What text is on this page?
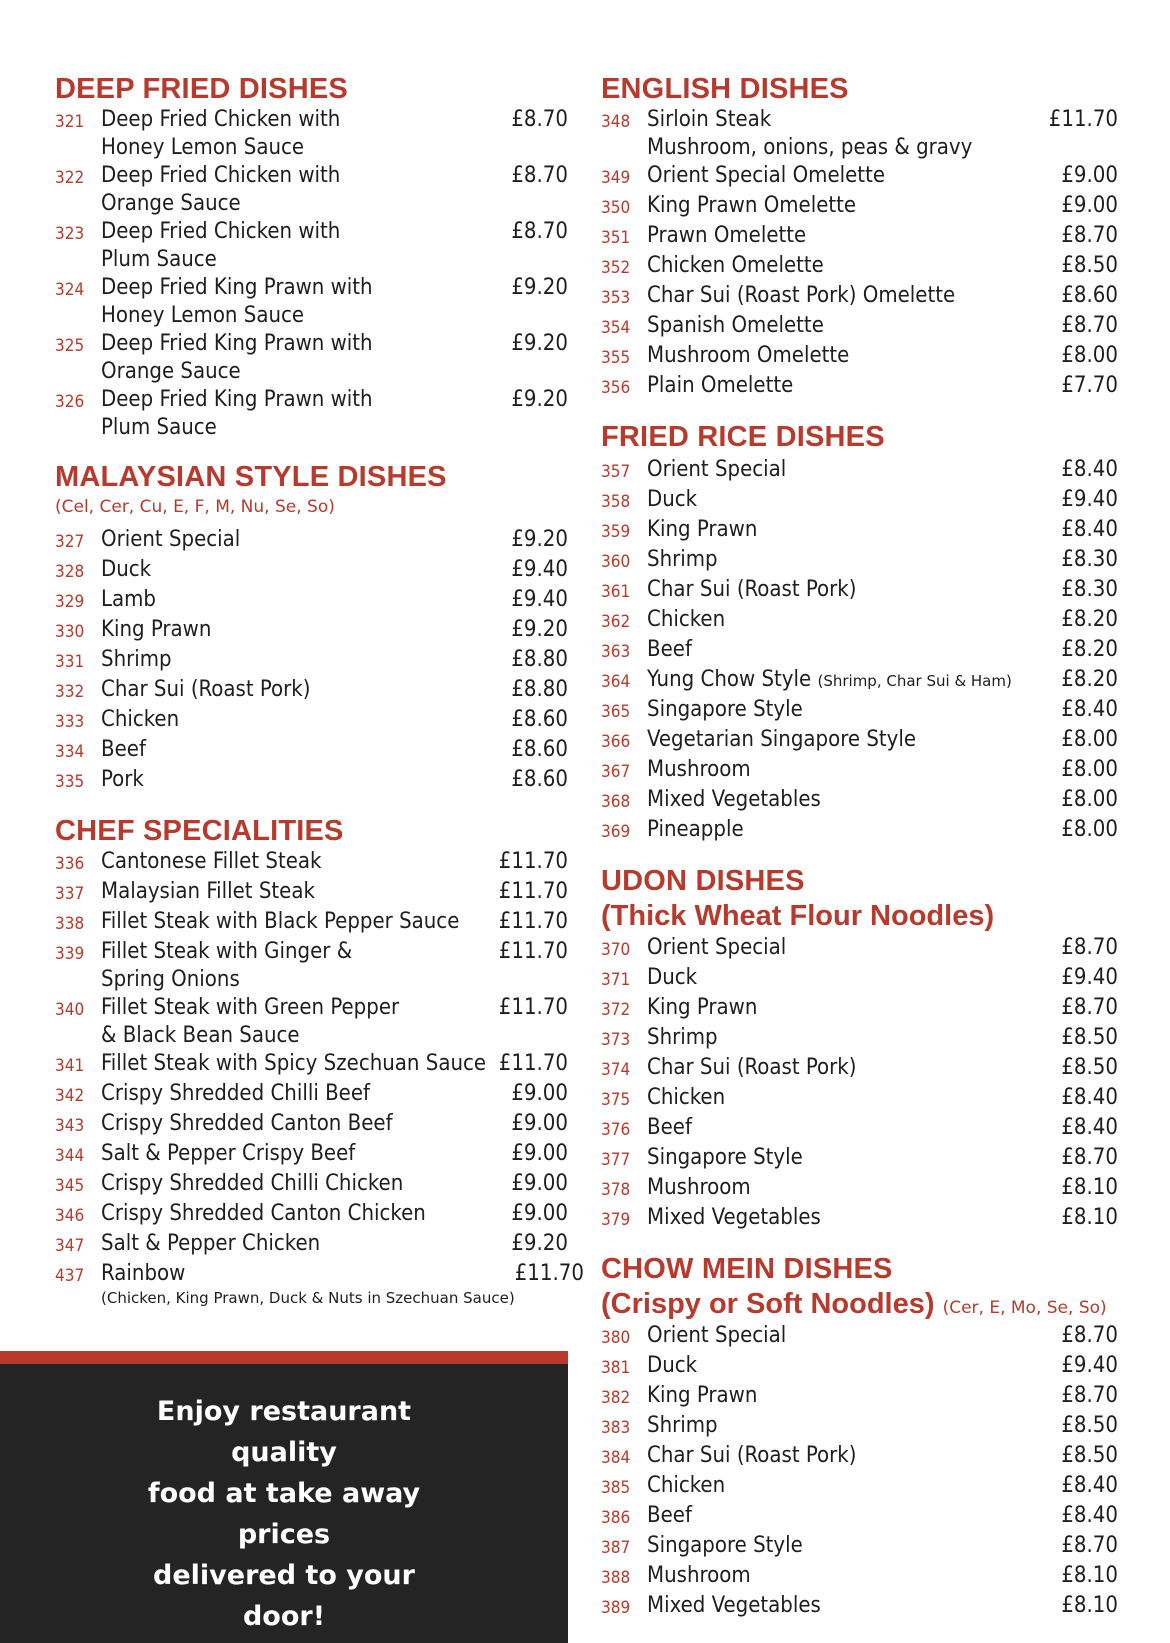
DEEP FRIED DISHES
321 Deep Fried Chicken with
Honey Lemon Sauce
£8.70
322 Deep Fried Chicken with
Orange Sauce
£8.70
323 Deep Fried Chicken with
Plum Sauce
£8.70
324 Deep Fried King Prawn with
Honey Lemon Sauce
£9.20
325 Deep Fried King Prawn with
Orange Sauce
£9.20
326 Deep Fried King Prawn with
Plum Sauce
£9.20
MALAYSIAN STYLE DISHES
(Cel, Cer, Cu, E, F, M, Nu, Se, So)
327 Orient Special	£9.20
328 Duck	£9.40
329 Lamb	£9.40
330 King Prawn	£9.20
331 Shrimp	£8.80
332 Char Sui (Roast Pork)	£8.80
333 Chicken	£8.60
334 Beef	£8.60
335 Pork	£8.60
CHEF SPECIALITIES
336 Cantonese Fillet Steak	£11.70
337 Malaysian Fillet Steak	£11.70
338 Fillet Steak with Black Pepper Sauce	£11.70
339 Fillet Steak with Ginger &
Spring Onions
£11.70
340 Fillet Steak with Green Pepper
& Black Bean Sauce
£11.70
341 Fillet Steak with Spicy Szechuan Sauce £11.70
342 Crispy Shredded Chilli Beef	£9.00
343 Crispy Shredded Canton Beef	£9.00
344 Salt & Pepper Crispy Beef	£9.00
345 Crispy Shredded Chilli Chicken	£9.00
346 Crispy Shredded Canton Chicken	£9.00
347 Salt & Pepper Chicken	£9.20
437 Rainbow
(Chicken, King Prawn, Duck & Nuts in Szechuan Sauce)
£11.70
Enjoy restaurant quality
food at take away prices
delivered to your door!
ENGLISH DISHES
348 Sirloin Steak
Mushroom, onions, peas & gravy
£11.70
349 Orient Special Omelette	£9.00
350 King Prawn Omelette	£9.00
351 Prawn Omelette	£8.70
352 Chicken Omelette	£8.50
353 Char Sui (Roast Pork) Omelette	£8.60
354 Spanish Omelette	£8.70
355 Mushroom Omelette	£8.00
356 Plain Omelette	£7.70
FRIED RICE DISHES
357 Orient Special	£8.40
358 Duck	£9.40
359 King Prawn	£8.40
360 Shrimp	£8.30
361 Char Sui (Roast Pork)	£8.30
362 Chicken	£8.20
363 Beef	£8.20
364 Yung Chow Style (Shrimp, Char Sui & Ham)	£8.20
365 Singapore Style	£8.40
366 Vegetarian Singapore Style	£8.00
367 Mushroom	£8.00
368 Mixed Vegetables	£8.00
369 Pineapple	£8.00
UDON DISHES
(Thick Wheat Flour Noodles)
370 Orient Special	£8.70
371 Duck	£9.40
372 King Prawn	£8.70
373 Shrimp	£8.50
374 Char Sui (Roast Pork)	£8.50
375 Chicken	£8.40
376 Beef	£8.40
377 Singapore Style	£8.70
378 Mushroom	£8.10
379 Mixed Vegetables	£8.10
CHOW MEIN DISHES
(Crispy or Soft Noodles) (Cer, E, Mo, Se, So)
380 Orient Special	£8.70
381 Duck	£9.40
382 King Prawn	£8.70
383 Shrimp	£8.50
384 Char Sui (Roast Pork)	£8.50
385 Chicken	£8.40
386 Beef	£8.40
387 Singapore Style	£8.70
388 Mushroom	£8.10
389 Mixed Vegetables	£8.10
